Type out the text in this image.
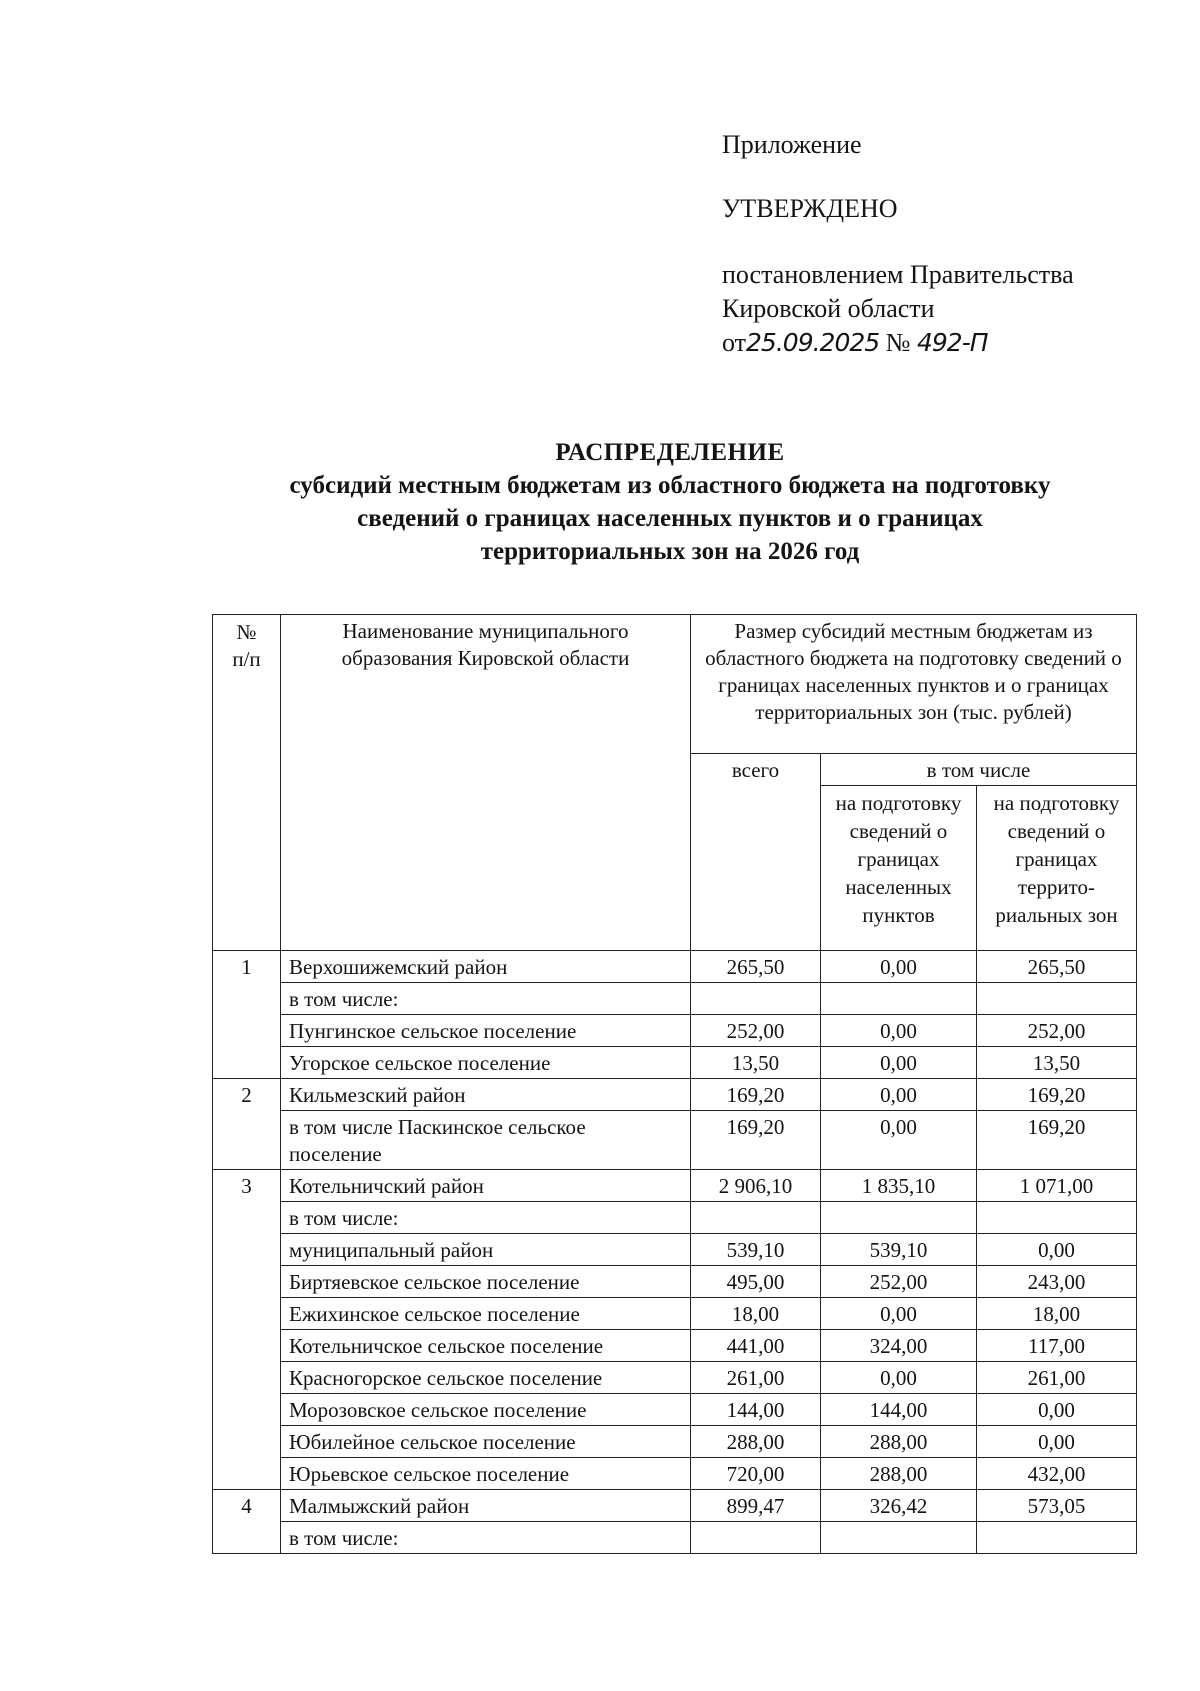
Приложение

УТВЕРЖДЕНО

постановлением Правительства

Кировской области

от25.09.2025 № 492-П

РАСПРЕДЕЛЕНИЕ
субсидий местным бюджетам из областного бюджета на подготовку
сведений о границах населенных пунктов и о границах
территориальных зон на 2026 год
№ п/п	Наименование муниципального образования Кировской области	Размер субсидий местным бюджетам из областного бюджета на подготовку сведений о границах населенных пунктов и о границах территориальных зон (тыс. рублей)		
		всего	в том числе	
			на подготовку сведений о границах населенных пунктов	на подготовку сведений о границах террито-риальных зон
1	Верхошижемский район	265,50	0,00	265,50
	в том числе:			
	Пунгинское сельское поселение	252,00	0,00	252,00
	Угорское сельское поселение	13,50	0,00	13,50
2	Кильмезский район	169,20	0,00	169,20
	в том числе Паскинское сельское поселение	169,20	0,00	169,20
3	Котельничский район	2 906,10	1 835,10	1 071,00
	в том числе:			
	муниципальный район	539,10	539,10	0,00
	Биртяевское сельское поселение	495,00	252,00	243,00
	Ежихинское сельское поселение	18,00	0,00	18,00
	Котельничское сельское поселение	441,00	324,00	117,00
	Красногорское сельское поселение	261,00	0,00	261,00
	Морозовское сельское поселение	144,00	144,00	0,00
	Юбилейное сельское поселение	288,00	288,00	0,00
	Юрьевское сельское поселение	720,00	288,00	432,00
4	Малмыжский район	899,47	326,42	573,05
	в том числе:			
